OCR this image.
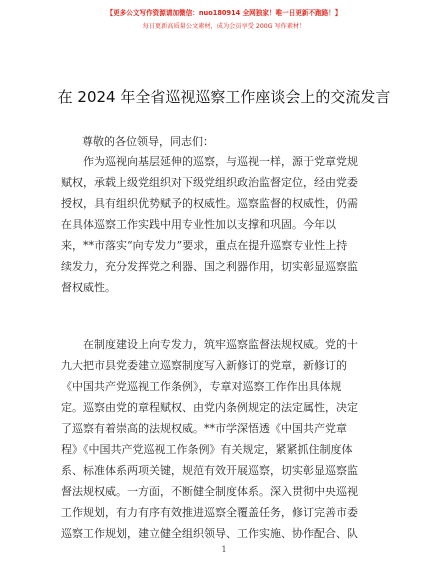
【更多公文写作资源请加微信：nuo180914 全网独家！唯一日更新不跑路！】
每日更新高质量公文素材，成为会员享受 200G 写作素材！
在 2024 年全省巡视巡察工作座谈会上的交流发言
尊敬的各位领导，同志们：
作为巡视向基层延伸的巡察，与巡视一样，源于党章党规
赋权，承载上级党组织对下级党组织政治监督定位，经由党委
授权，具有组织优势赋予的权威性。巡察监督的权威性，仍需
在具体巡察工作实践中用专业性加以支撑和巩固。今年以
来，**市落实“向专发力”要求，重点在提升巡察专业性上持
续发力，充分发挥党之利器、国之利器作用，切实彰显巡察监
督权威性。
在制度建设上向专发力，筑牢巡察监督法规权威。党的十
九大把市县党委建立巡察制度写入新修订的党章，新修订的
《中国共产党巡视工作条例》，专章对巡察工作作出具体规
定。巡察由党的章程赋权、由党内条例规定的法定属性，决定
了巡察有着崇高的法规权威。**市学深悟透《中国共产党章
程》《中国共产党巡视工作条例》有关规定，紧紧抓住制度体
系、标准体系两项关键，规范有效开展巡察，切实彰显巡察监
督法规权威。一方面，不断健全制度体系。深入贯彻中央巡视
工作规划，有力有序有效推进巡察全覆盖任务，修订完善市委
巡察工作规划，建立健全组织领导、工作实施、协作配合、队
1
